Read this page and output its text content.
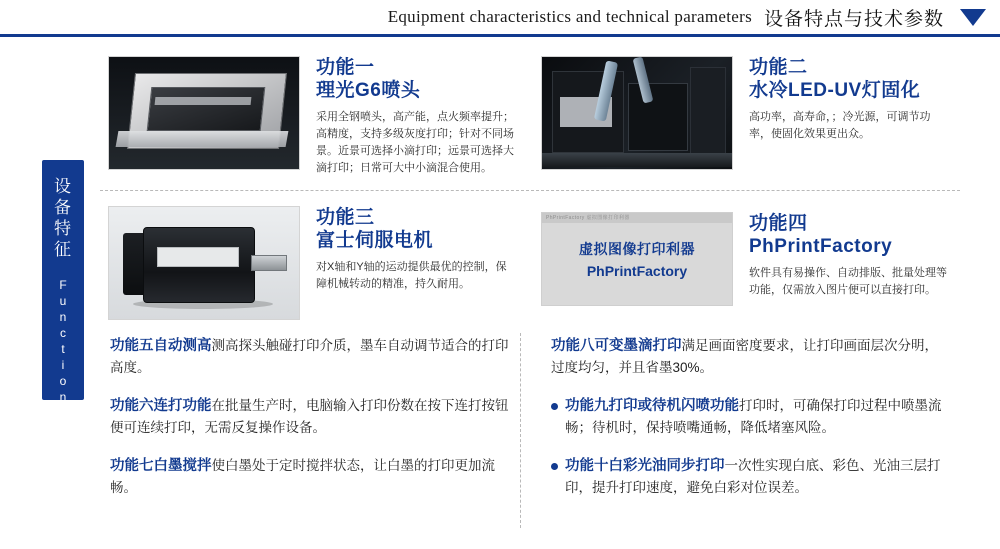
Equipment characteristics and technical parameters 设备特点与技术参数
设
备
特
征
Function
功能一
理光G6喷头
采用全钢喷头，高产能，点火频率提升；高精度，支持多级灰度打印；针对不同场景。近景可选择小滴打印；远景可选择大滴打印；日常可大中小滴混合使用。
功能二
水冷LED-UV灯固化
高功率，高寿命，；冷光源，可调节功率，使固化效果更出众。
功能三
富士伺服电机
对X轴和Y轴的运动提供最优的控制，保障机械转动的精准，持久耐用。
PhPrintFactory 虚拟图像打印利器
虚拟图像打印利器
PhPrintFactory
功能四
PhPrintFactory
软件具有易操作、自动排版、批量处理等功能，仅需放入图片便可以直接打印。
功能五自动测高测高探头触碰打印介质，墨车自动调节适合的打印高度。
功能六连打功能在批量生产时，电脑输入打印份数在按下连打按钮便可连续打印，无需反复操作设备。
功能七白墨搅拌使白墨处于定时搅拌状态，让白墨的打印更加流畅。
功能八可变墨滴打印满足画面密度要求，让打印画面层次分明，过度均匀，并且省墨30%。
功能九打印或待机闪喷功能打印时，可确保打印过程中喷墨流畅；待机时，保持喷嘴通畅，降低堵塞风险。
功能十白彩光油同步打印一次性实现白底、彩色、光油三层打印，提升打印速度，避免白彩对位误差。
